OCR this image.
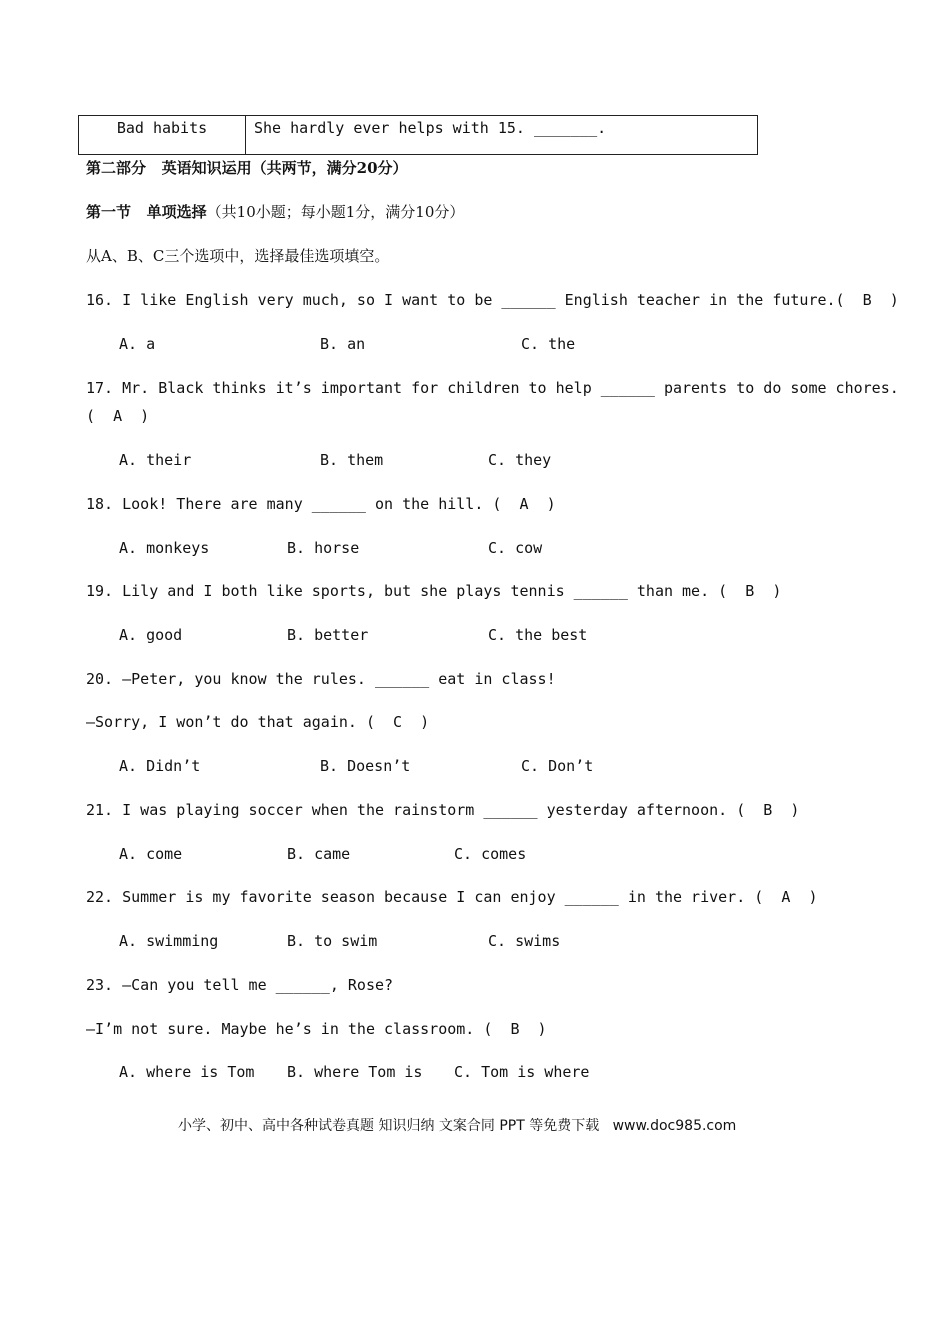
Bad habits	She hardly ever helps with 15. _______.
第二部分   英语知识运用（共两节，满分20分）
第一节   单项选择（共10小题；每小题1分，满分10分）
从A、B、C三个选项中，选择最佳选项填空。
16. I like English very much, so I want to be ______ English teacher in the future.(  B  )
A. a	B. an	C. the
17. Mr. Black thinks it’s important for children to help ______ parents to do some chores.
(  A  )
A. their	B. them	C. they
18. Look! There are many ______ on the hill. (  A  )
A. monkeys	B. horse	C. cow
19. Lily and I both like sports, but she plays tennis ______ than me. (  B  )
A. good	B. better	C. the best
20. —Peter, you know the rules. ______ eat in class!
—Sorry, I won’t do that again. (  C  )
A. Didn’t	B. Doesn’t	C. Don’t
21. I was playing soccer when the rainstorm ______ yesterday afternoon. (  B  )
A. come	B. came	C. comes
22. Summer is my favorite season because I can enjoy ______ in the river. (  A  )
A. swimming	B. to swim	C. swims
23. —Can you tell me ______, Rose?
—I’m not sure. Maybe he’s in the classroom. (  B  )
A. where is Tom B. where Tom is C. Tom is where
小学、初中、高中各种试卷真题 知识归纳 文案合同 PPT 等免费下载   www.doc985.com
